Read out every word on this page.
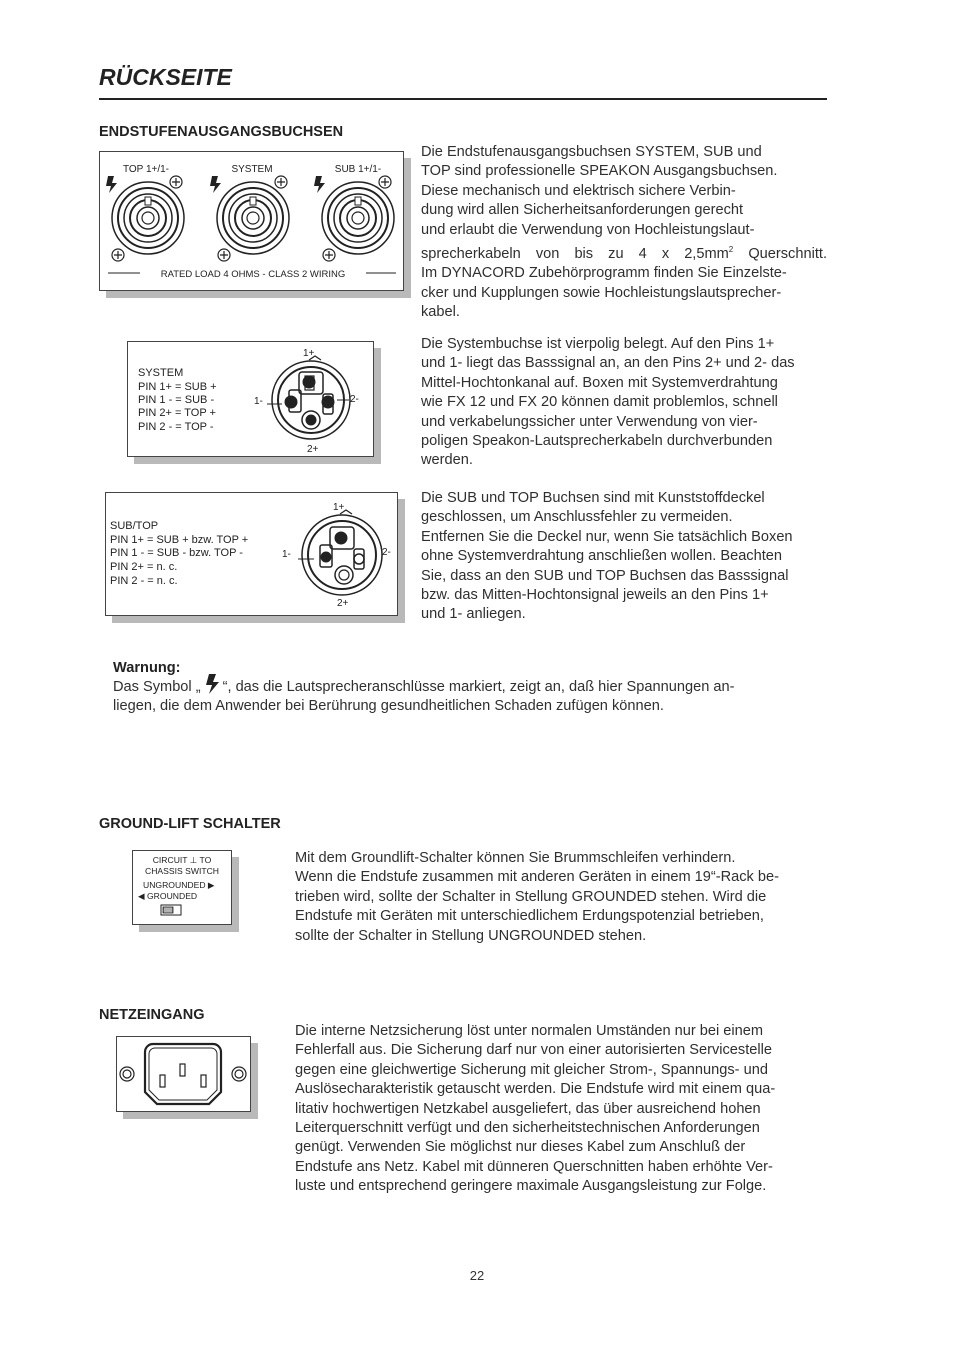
RÜCKSEITE
ENDSTUFENAUSGANGSBUCHSEN
TOP 1+/1-	SYSTEM	SUB 1+/1-
RATED LOAD 4 OHMS - CLASS 2 WIRING
Die Endstufenausgangsbuchsen SYSTEM, SUB und
TOP sind professionelle SPEAKON Ausgangsbuchsen.
Diese mechanisch und elektrisch sichere Verbin-
dung wird allen Sicherheitsanforderungen gerecht
und erlaubt die Verwendung von Hochleistungslaut-
sprecherkabeln von bis zu 4 x $2,5mm^2$ Querschnitt.
Im DYNACORD Zubehörprogramm finden Sie Einzelste-
cker und Kupplungen sowie Hochleistungslautsprecher-
kabel.
SYSTEM
PIN 1+ = SUB +
PIN 1 - = SUB -
PIN 2+ = TOP +
PIN 2 - = TOP -
1+
1-	2-
2+
Die Systembuchse ist vierpolig belegt. Auf den Pins 1+
und 1- liegt das Basssignal an, an den Pins 2+ und 2- das
Mittel-Hochtonkanal auf. Boxen mit Systemverdrahtung
wie FX 12 und FX 20 können damit problemlos, schnell
und verkabelungssicher unter Verwendung von vier-
poligen Speakon-Lautsprecherkabeln durchverbunden
werden.
SUB/TOP
PIN 1+ = SUB + bzw. TOP +
PIN 1 - = SUB - bzw. TOP -
PIN 2+ = n. c.
PIN 2 - = n. c.
1+
1-	2-
2+
Die SUB und TOP Buchsen sind mit Kunststoffdeckel
geschlossen, um Anschlussfehler zu vermeiden.
Entfernen Sie die Deckel nur, wenn Sie tatsächlich Boxen
ohne Systemverdrahtung anschließen wollen. Beachten
Sie, dass an den SUB und TOP Buchsen das Basssignal
bzw. das Mitten-Hochtonsignal jeweils an den Pins 1+
und 1- anliegen.
Warnung:
Das Symbol „ “, das die Lautsprecheranschlüsse markiert, zeigt an, daß hier Spannungen an-
liegen, die dem Anwender bei Berührung gesundheitlichen Schaden zufügen können.
GROUND-LIFT SCHALTER
CIRCUIT ⊥ TO
CHASSIS SWITCH
UNGROUNDED ▶
◀ GROUNDED
Mit dem Groundlift-Schalter können Sie Brummschleifen verhindern.
Wenn die Endstufe zusammen mit anderen Geräten in einem 19“-Rack be-
trieben wird, sollte der Schalter in Stellung GROUNDED stehen. Wird die
Endstufe mit Geräten mit unterschiedlichem Erdungspotenzial betrieben,
sollte der Schalter in Stellung UNGROUNDED stehen.
NETZEINGANG
Die interne Netzsicherung löst unter normalen Umständen nur bei einem
Fehlerfall aus. Die Sicherung darf nur von einer autorisierten Servicestelle
gegen eine gleichwertige Sicherung mit gleicher Strom-, Spannungs- und
Auslösecharakteristik getauscht werden. Die Endstufe wird mit einem qua-
litativ hochwertigen Netzkabel ausgeliefert, das über ausreichend hohen
Leiterquerschnitt verfügt und den sicherheitstechnischen Anforderungen
genügt. Verwenden Sie möglichst nur dieses Kabel zum Anschluß der
Endstufe ans Netz. Kabel mit dünneren Querschnitten haben erhöhte Ver-
luste und entsprechend geringere maximale Ausgangsleistung zur Folge.
22
